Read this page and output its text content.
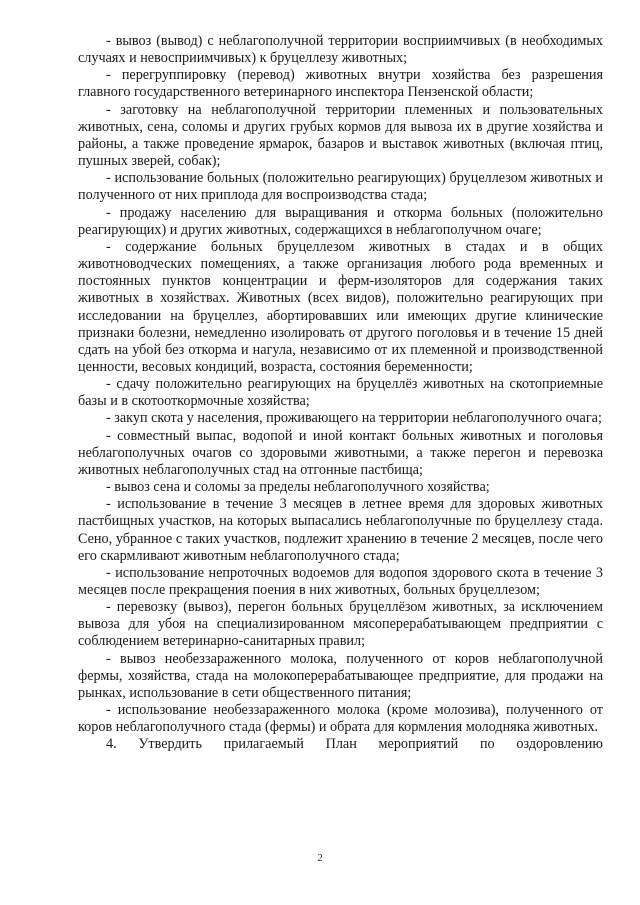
- вывоз (вывод) с неблагополучной территории восприимчивых (в необходимых случаях и невосприимчивых) к бруцеллезу животных;

- перегруппировку (перевод) животных внутри хозяйства без разрешения главного государственного ветеринарного инспектора Пензенской области;

- заготовку на неблагополучной территории племенных и пользовательных животных, сена, соломы и других грубых кормов для вывоза их в другие хозяйства и районы, а также проведение ярмарок, базаров и выставок животных (включая птиц, пушных зверей, собак);

- использование больных (положительно реагирующих) бруцеллезом животных и полученного от них приплода для воспроизводства стада;

- продажу населению для выращивания и откорма больных (положительно реагирующих) и других животных, содержащихся в неблагополучном очаге;

- содержание больных бруцеллезом животных в стадах и в общих животноводческих помещениях, а также организация любого рода временных и постоянных пунктов концентрации и ферм-изоляторов для содержания таких животных в хозяйствах. Животных (всех видов), положительно реагирующих при исследовании на бруцеллез, абортировавших или имеющих другие клинические признаки болезни, немедленно изолировать от другого поголовья и в течение 15 дней сдать на убой без откорма и нагула, независимо от их племенной и производственной ценности, весовых кондиций, возраста, состояния беременности;

- сдачу положительно реагирующих на бруцеллёз животных на скотоприемные базы и в скотооткормочные хозяйства;

- закуп скота у населения, проживающего на территории неблагополучного очага;

- совместный выпас, водопой и иной контакт больных животных и поголовья неблагополучных очагов со здоровыми животными, а также перегон и перевозка животных неблагополучных стад на отгонные пастбища;

- вывоз сена и соломы за пределы неблагополучного хозяйства;

- использование в течение 3 месяцев в летнее время для здоровых животных пастбищных участков, на которых выпасались неблагополучные по бруцеллезу стада. Сено, убранное с таких участков, подлежит хранению в течение 2 месяцев, после чего его скармливают животным неблагополучного стада;

- использование непроточных водоемов для водопоя здорового скота в течение 3 месяцев после прекращения поения в них животных, больных бруцеллезом;

- перевозку (вывоз), перегон больных бруцеллёзом животных, за исключением вывоза для убоя на специализированном мясоперерабатывающем предприятии с соблюдением ветеринарно-санитарных правил;

- вывоз необеззараженного молока, полученного от коров неблагополучной фермы, хозяйства, стада на молокоперерабатывающее предприятие, для продажи на рынках, использование в сети общественного питания;

- использование необеззараженного молока (кроме молозива), полученного от коров неблагополучного стада (фермы) и обрата для кормления молодняка животных.

4. Утвердить прилагаемый План мероприятий по оздоровлению

2
